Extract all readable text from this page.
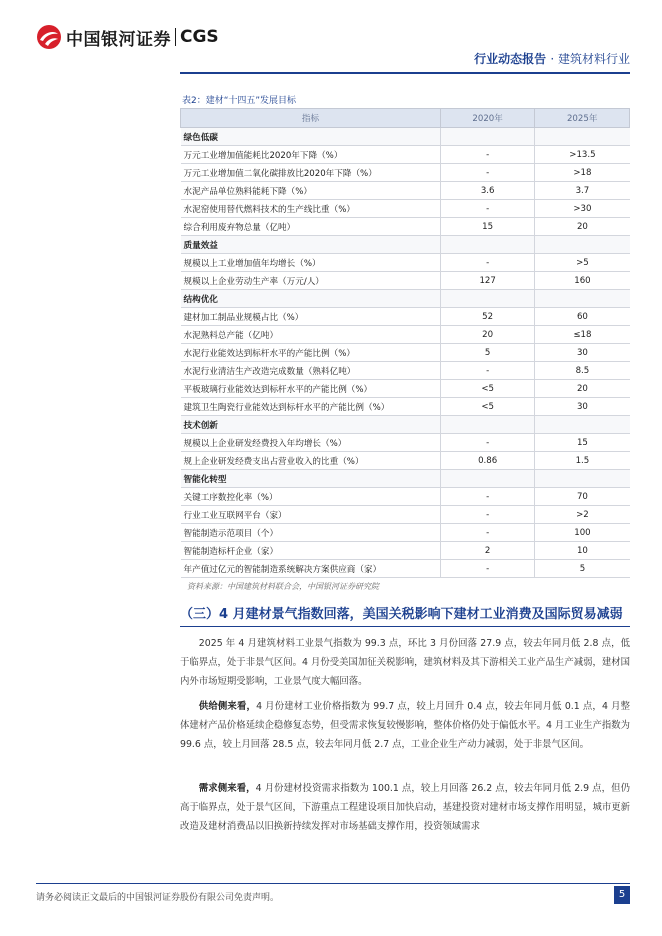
中国银河证券 CGS
行业动态报告 · 建筑材料行业
表2：建材“十四五”发展目标
指标	2020年	2025年
绿色低碳		
万元工业增加值能耗比2020年下降（%）	-	>13.5
万元工业增加值二氧化碳排放比2020年下降（%）	-	>18
水泥产品单位熟料能耗下降（%）	3.6	3.7
水泥窑使用替代燃料技术的生产线比重（%）	-	>30
综合利用废弃物总量（亿吨）	15	20
质量效益		
规模以上工业增加值年均增长（%）	-	>5
规模以上企业劳动生产率（万元/人）	127	160
结构优化		
建材加工制品业规模占比（%）	52	60
水泥熟料总产能（亿吨）	20	≤18
水泥行业能效达到标杆水平的产能比例（%）	5	30
水泥行业清洁生产改造完成数量（熟料亿吨）	-	8.5
平板玻璃行业能效达到标杆水平的产能比例（%）	<5	20
建筑卫生陶瓷行业能效达到标杆水平的产能比例（%）	<5	30
技术创新		
规模以上企业研发经费投入年均增长（%）	-	15
规上企业研发经费支出占营业收入的比重（%）	0.86	1.5
智能化转型		
关键工序数控化率（%）	-	70
行业工业互联网平台（家）	-	>2
智能制造示范项目（个）	-	100
智能制造标杆企业（家）	2	10
年产值过亿元的智能制造系统解决方案供应商（家）	-	5
资料来源：中国建筑材料联合会，中国银河证券研究院
（三）4 月建材景气指数回落，美国关税影响下建材工业消费及国际贸易减弱
2025 年 4 月建筑材料工业景气指数为 99.3 点，环比 3 月份回落 27.9 点，较去年同月低 2.8 点，低于临界点，处于非景气区间。4 月份受美国加征关税影响，建筑材料及其下游相关工业产品生产减弱，建材国内外市场短期受影响，工业景气度大幅回落。
供给侧来看，4 月份建材工业价格指数为 99.7 点，较上月回升 0.4 点，较去年同月低 0.1 点，4 月整体建材产品价格延续企稳修复态势，但受需求恢复较慢影响，整体价格仍处于偏低水平。4 月工业生产指数为 99.6 点，较上月回落 28.5 点，较去年同月低 2.7 点，工业企业生产动力减弱，处于非景气区间。
需求侧来看，4 月份建材投资需求指数为 100.1 点，较上月回落 26.2 点，较去年同月低 2.9 点，但仍高于临界点，处于景气区间，下游重点工程建设项目加快启动，基建投资对建材市场支撑作用明显，城市更新改造及建材消费品以旧换新持续发挥对市场基础支撑作用，投资领域需求
请务必阅读正文最后的中国银河证券股份有限公司免责声明。	5
